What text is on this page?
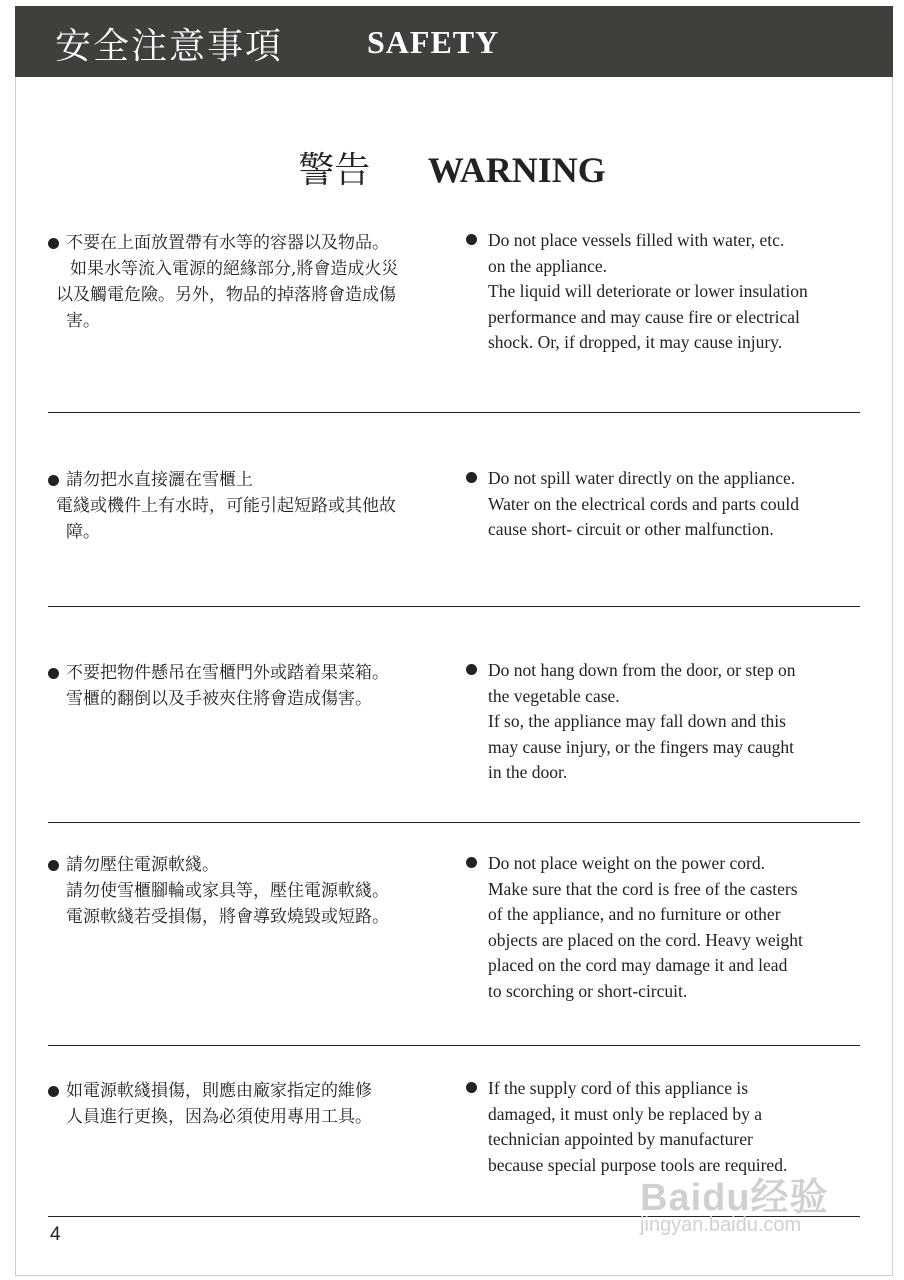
安全注意事項	SAFETY
警告 WARNING
不要在上面放置帶有水等的容器以及物品。
如果水等流入電源的絕緣部分,將會造成火災
以及觸電危險。另外，物品的掉落將會造成傷
害。
Do not place vessels filled with water, etc.
on the appliance.
The liquid will deteriorate or lower insulation
performance and may cause fire or electrical
shock. Or, if dropped, it may cause injury.
請勿把水直接灑在雪櫃上
電綫或機件上有水時，可能引起短路或其他故
障。
Do not spill water directly on the appliance.
Water on the electrical cords and parts could
cause short- circuit or other malfunction.
不要把物件懸吊在雪櫃門外或踏着果菜箱。
雪櫃的翻倒以及手被夾住將會造成傷害。
Do not hang down from the door, or step on
the vegetable case.
If so, the appliance may fall down and this
may cause injury, or the fingers may caught
in the door.
請勿壓住電源軟綫。
請勿使雪櫃腳輪或家具等，壓住電源軟綫。
電源軟綫若受損傷，將會導致燒毀或短路。
Do not place weight on the power cord.
Make sure that the cord is free of the casters
of the appliance, and no furniture or other
objects are placed on the cord. Heavy weight
placed on the cord may damage it and lead
to scorching or short-circuit.
如電源軟綫損傷，則應由廠家指定的維修
人員進行更換，因為必須使用專用工具。
If the supply cord of this appliance is
damaged, it must only be replaced by a
technician appointed by manufacturer
because special purpose tools are required.
4
Baidu经验
jingyan.baidu.com
